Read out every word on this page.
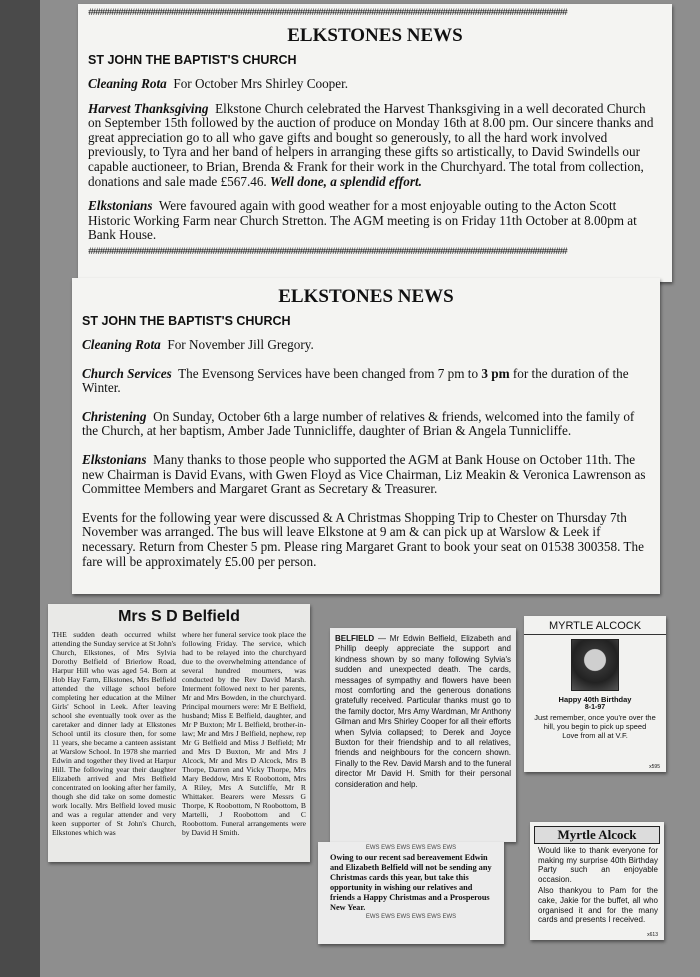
########################################################################################################
ELKSTONES NEWS
ST JOHN THE BAPTIST'S CHURCH

Cleaning Rota For October Mrs Shirley Cooper.

Harvest Thanksgiving Elkstone Church celebrated the Harvest Thanksgiving in a well decorated Church on September 15th followed by the auction of produce on Monday 16th at 8.00 pm. Our sincere thanks and great appreciation go to all who gave gifts and bought so generously, to all the hard work involved previously, to Tyra and her band of helpers in arranging these gifts so artistically, to David Swindells our capable auctioneer, to Brian, Brenda & Frank for their work in the Churchyard. The total from collection, donations and sale made £567.46. Well done, a splendid effort.

Elkstonians Were favoured again with good weather for a most enjoyable outing to the Acton Scott Historic Working Farm near Church Stretton. The AGM meeting is on Friday 11th October at 8.00pm at Bank House.

########################################################################################################
ELKSTONES NEWS
ST JOHN THE BAPTIST'S CHURCH

Cleaning Rota For November Jill Gregory.

Church Services The Evensong Services have been changed from 7 pm to 3 pm for the duration of the Winter.

Christening On Sunday, October 6th a large number of relatives & friends, welcomed into the family of the Church, at her baptism, Amber Jade Tunnicliffe, daughter of Brian & Angela Tunnicliffe.

Elkstonians Many thanks to those people who supported the AGM at Bank House on October 11th. The new Chairman is David Evans, with Gwen Floyd as Vice Chairman, Liz Meakin & Veronica Lawrenson as Committee Members and Margaret Grant as Secretary & Treasurer.

Events for the following year were discussed & A Christmas Shopping Trip to Chester on Thursday 7th November was arranged. The bus will leave Elkstone at 9 am & can pick up at Warslow & Leek if necessary. Return from Chester 5 pm. Please ring Margaret Grant to book your seat on 01538 300358. The fare will be approximately £5.00 per person.

Mrs S D Belfield
THE sudden death occurred whilst attending the Sunday service at St John's Church, Elkstones, of Mrs Sylvia Dorothy Belfield of Brierlow Road, Harpur Hill who was aged 54. Born at Hob Hay Farm, Elkstones, Mrs Belfield attended the village school before completing her education at the Milner Girls' School in Leek. After leaving school she eventually took over as the caretaker and dinner lady at Elkstones School until its closure then, for some 11 years, she became a canteen assistant at Warslow School. In 1978 she married Edwin and together they lived at Harpur Hill. The following year their daughter Elizabeth arrived and Mrs Belfield concentrated on looking after her family, though she did take on some domestic work locally. Mrs Belfield loved music and was a regular attender and very keen supporter of St John's Church, Elkstones which was
where her funeral service took place the following Friday. The service, which had to be relayed into the churchyard due to the overwhelming attendance of several hundred mourners, was conducted by the Rev David Marsh. Interment followed next to her parents, Mr and Mrs Bowden, in the churchyard. Principal mourners were: Mr E Belfield, husband; Miss E Belfield, daughter, and Mr P Buxton; Mr L Belfield, brother-in-law; Mr and Mrs J Belfield, nephew, rep Mr G Belfield and Miss J Belfield; Mr and Mrs D Buxton, Mr and Mrs J Alcock, Mr and Mrs D Alcock, Mrs B Thorpe, Darren and Vicky Thorpe, Mrs Mary Beddow, Mrs E Roobottom, Mrs A Riley, Mrs A Sutcliffe, Mr R Whittaker. Bearers were Messrs G Thorpe, K Roobottom, N Roobottom, B Martelli, J Roobottom and C Roobottom. Funeral arrangements were by David H Smith.

BELFIELD — Mr Edwin Belfield, Elizabeth and Phillip deeply appreciate the support and kindness shown by so many following Sylvia's sudden and unexpected death. The cards, messages of sympathy and flowers have been most comforting and the generous donations gratefully received. Particular thanks must go to the family doctor, Mrs Amy Wardman, Mr Anthony Gilman and Mrs Shirley Cooper for all their efforts when Sylvia collapsed; to Derek and Joyce Buxton for their friendship and to all relatives, friends and neighbours for the concern shown. Finally to the Rev. David Marsh and to the funeral director Mr David H. Smith for their personal consideration and help.

EWS EWS EWS EWS EWS EWS
Owing to our recent sad bereavement Edwin and Elizabeth Belfield will not be sending any Christmas cards this year, but take this opportunity in wishing our relatives and friends a Happy Christmas and a Prosperous New Year.
EWS EWS EWS EWS EWS EWS
MYRTLE ALCOCK
Happy 40th Birthday
8-1-97
Just remember, once you're over the hill, you begin to pick up speed
Love from all at V.F.
x595
Myrtle Alcock
Would like to thank everyone for making my surprise 40th Birthday Party such an enjoyable occasion.
Also thankyou to Pam for the cake, Jakie for the buffet, all who organised it and for the many cards and presents I received.
x613
